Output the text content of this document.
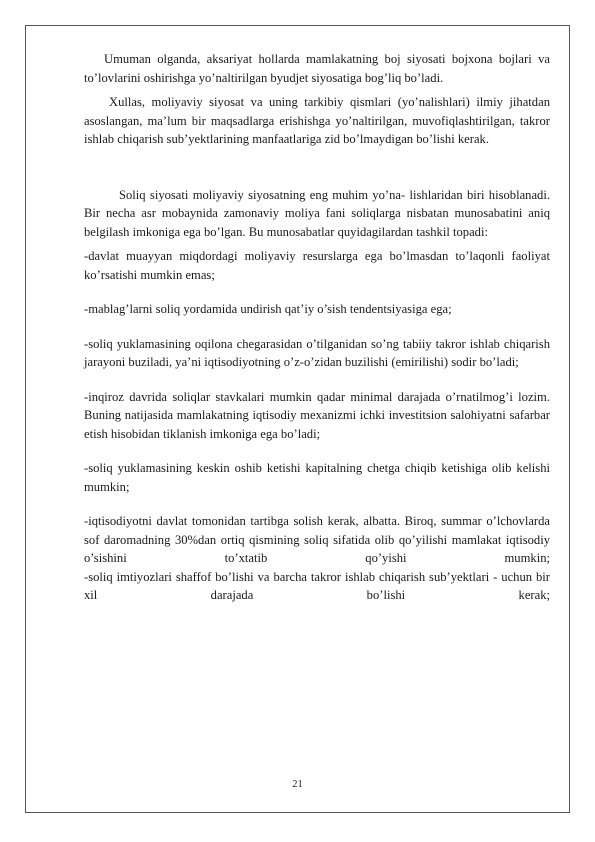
Umuman olganda, aksariyat hollarda mamlakatning boj siyosati bojxona bojlari va to’lovlarini oshirishga yo’naltirilgan byudjet siyosatiga bog’liq bo’ladi.

Xullas, moliyaviy siyosat va uning tarkibiy qismlari (yo’nalishlari) ilmiy jihatdan asoslangan, ma’lum bir maqsadlarga erishishga yo’naltirilgan, muvofiqlashtirilgan, takror ishlab chiqarish sub’yektlarining manfaatlariga zid bo’lmaydigan bo’lishi kerak.

Soliq siyosati moliyaviy siyosatning eng muhim yo’na- lishlaridan biri hisoblanadi. Bir necha asr mobaynida zamonaviy moliya fani soliqlarga nisbatan munosabatini aniq belgilash imkoniga ega bo’lgan. Bu munosabatlar quyidagilardan tashkil topadi:

-davlat muayyan miqdordagi moliyaviy resurslarga ega bo’lmasdan to’laqonli faoliyat ko’rsatishi mumkin emas;

-mablag’larni soliq yordamida undirish qat’iy o’sish tendentsiyasiga ega;

-soliq yuklamasining oqilona chegarasidan o’tilganidan so’ng tabiiy takror ishlab chiqarish jarayoni buziladi, ya’ni iqtisodiyotning o’z-o’zidan buzilishi (emirilishi) sodir bo’ladi;

-inqiroz davrida soliqlar stavkalari mumkin qadar minimal darajada o’rnatilmog’i lozim. Buning natijasida mamlakatning iqtisodiy mexanizmi ichki investitsion salohiyatni safarbar etish hisobidan tiklanish imkoniga ega bo’ladi;

-soliq yuklamasining keskin oshib ketishi kapitalning chetga chiqib ketishiga olib kelishi mumkin;

-iqtisodiyotni davlat tomonidan tartibga solish kerak, albatta. Biroq, summar o’lchovlarda sof daromadning 30%dan ortiq qismining soliq sifatida olib qo’yilishi mamlakat iqtisodiy o’sishini to’xtatib qo’yishi mumkin;

-soliq imtiyozlari shaffof bo’lishi va barcha takror ishlab chiqarish sub’yektlari - uchun bir xil darajada bo’lishi kerak;

21
